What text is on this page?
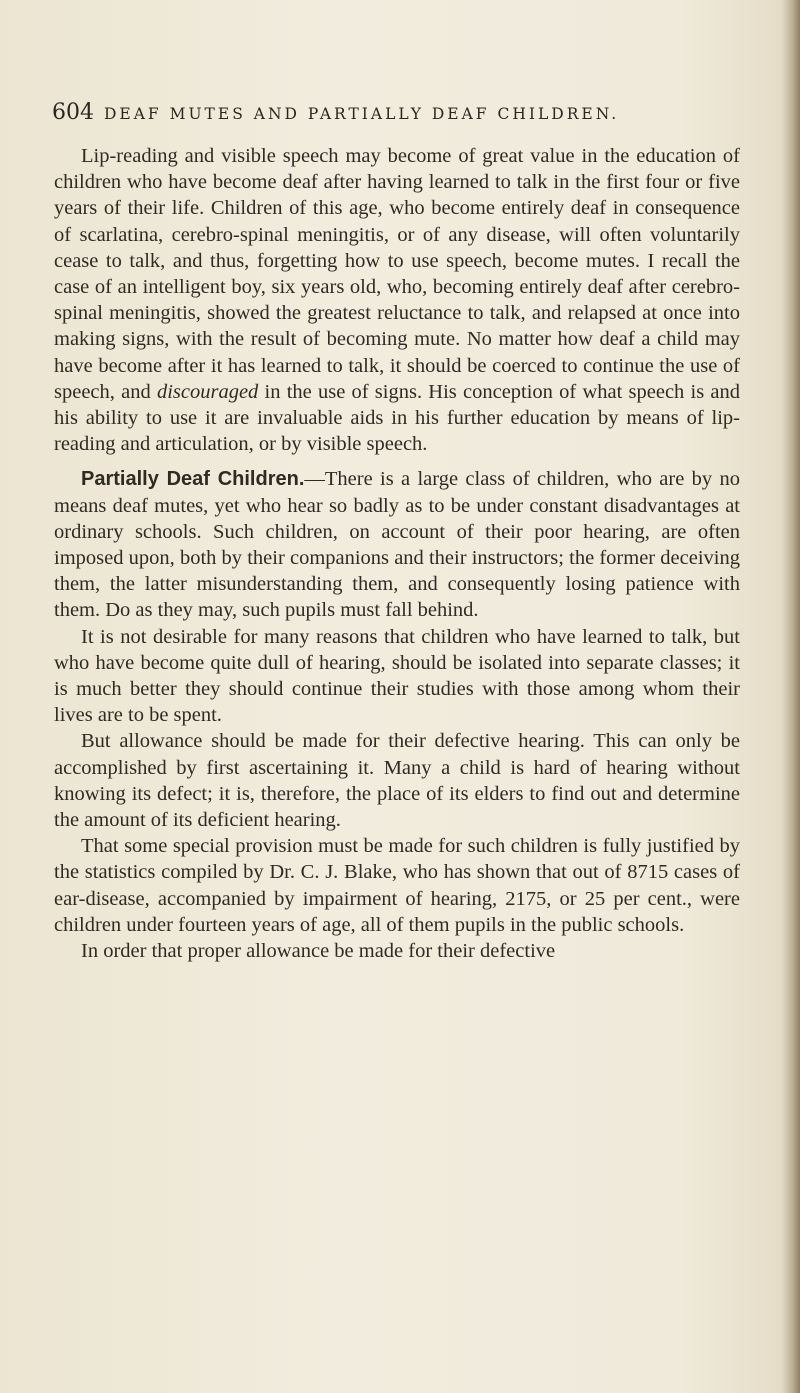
604 DEAF MUTES AND PARTIALLY DEAF CHILDREN.

Lip-reading and visible speech may become of great value in the education of children who have become deaf after having learned to talk in the first four or five years of their life. Children of this age, who become entirely deaf in consequence of scarlatina, cerebro-spinal meningitis, or of any disease, will often voluntarily cease to talk, and thus, forgetting how to use speech, become mutes. I recall the case of an intelligent boy, six years old, who, becoming entirely deaf after cerebro-spinal meningitis, showed the greatest reluctance to talk, and relapsed at once into making signs, with the result of becoming mute. No matter how deaf a child may have become after it has learned to talk, it should be coerced to continue the use of speech, and discouraged in the use of signs. His conception of what speech is and his ability to use it are invaluable aids in his further education by means of lip-reading and articulation, or by visible speech.

Partially Deaf Children.—There is a large class of children, who are by no means deaf mutes, yet who hear so badly as to be under constant disadvantages at ordinary schools. Such children, on account of their poor hearing, are often imposed upon, both by their companions and their instructors; the former deceiving them, the latter misunderstanding them, and consequently losing patience with them. Do as they may, such pupils must fall behind.

It is not desirable for many reasons that children who have learned to talk, but who have become quite dull of hearing, should be isolated into separate classes; it is much better they should continue their studies with those among whom their lives are to be spent.

But allowance should be made for their defective hearing. This can only be accomplished by first ascertaining it. Many a child is hard of hearing without knowing its defect; it is, therefore, the place of its elders to find out and determine the amount of its deficient hearing.

That some special provision must be made for such children is fully justified by the statistics compiled by Dr. C. J. Blake, who has shown that out of 8715 cases of ear-disease, accompanied by impairment of hearing, 2175, or 25 per cent., were children under fourteen years of age, all of them pupils in the public schools.

In order that proper allowance be made for their defective
